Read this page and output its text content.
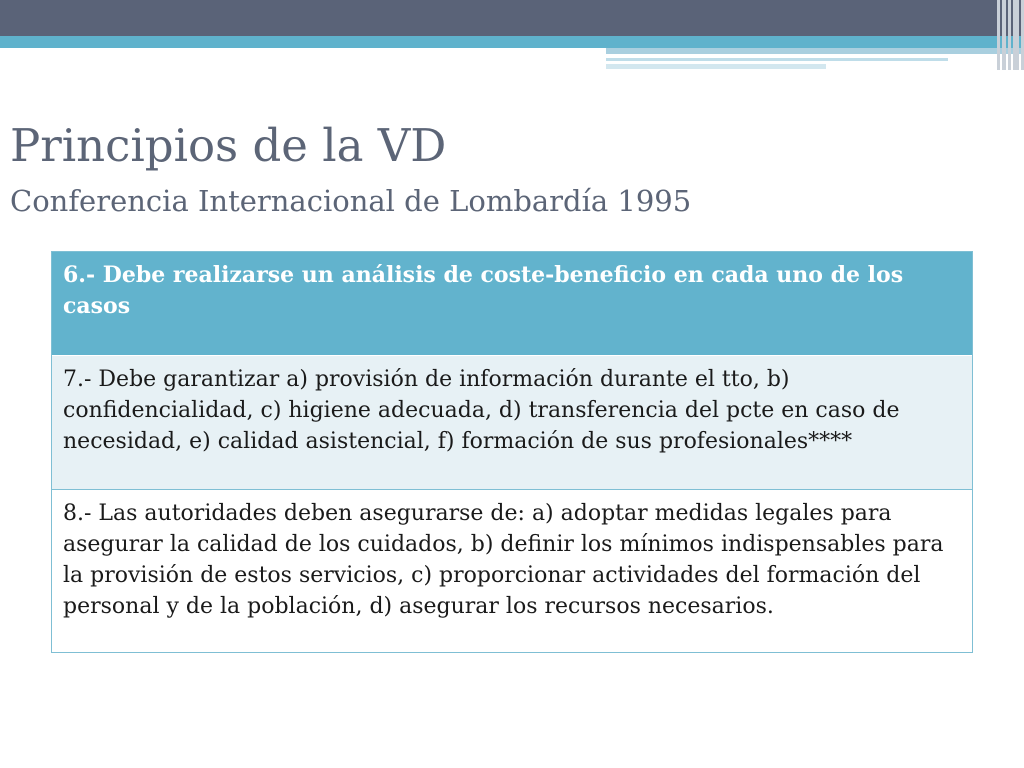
Principios de la VD
Conferencia Internacional de Lombardía 1995
6.- Debe realizarse un análisis de coste-beneficio en cada uno de los casos
7.- Debe garantizar a) provisión de información durante el tto, b) confidencialidad, c) higiene adecuada, d) transferencia del pcte en caso de necesidad, e) calidad asistencial, f) formación de sus profesionales****
8.- Las autoridades deben asegurarse de: a) adoptar medidas legales para asegurar la calidad de los cuidados, b) definir los mínimos indispensables para la provisión de estos servicios, c) proporcionar actividades del formación del personal y de la población, d) asegurar los recursos necesarios.
